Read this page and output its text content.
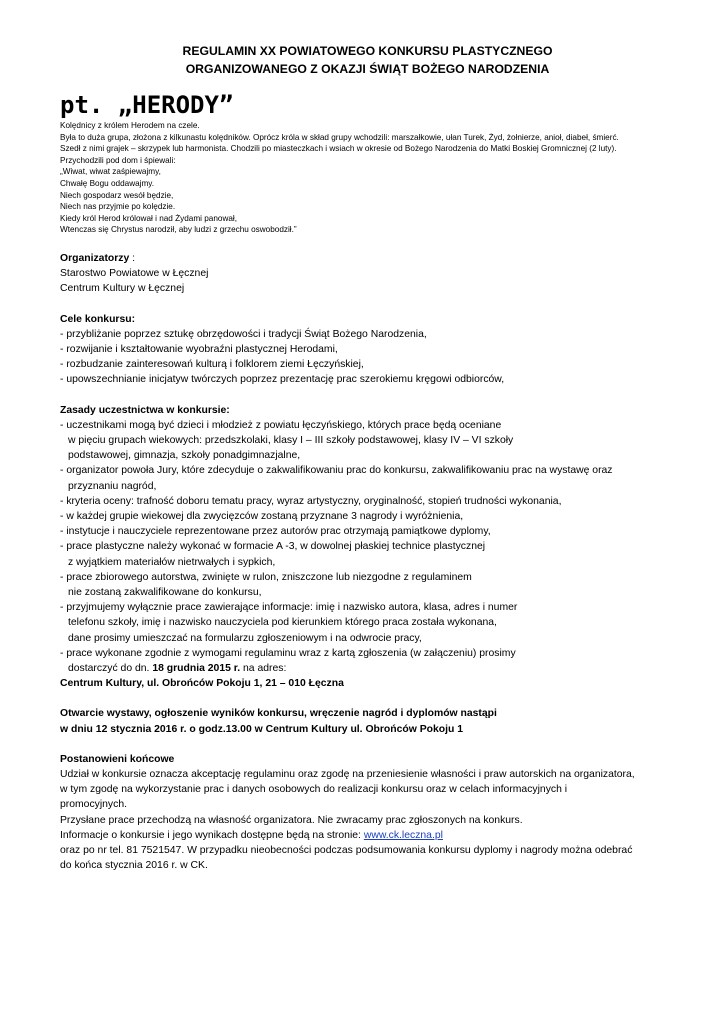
REGULAMIN XX POWIATOWEGO KONKURSU PLASTYCZNEGO
ORGANIZOWANEGO Z OKAZJI ŚWIĄT BOŻEGO NARODZENIA
pt. „HERODY”
Kolędnicy z królem Herodem na czele.
Była to duża grupa, złożona z kilkunastu kolędników. Oprócz króla w skład grupy wchodzili: marszałkowie, ułan Turek, Żyd, żołnierze, anioł, diabeł, śmierć.
Szedł z nimi grajek – skrzypek lub harmonista. Chodzili po miasteczkach i wsiach w okresie od Bożego Narodzenia do Matki Boskiej Gromnicznej (2 luty).
Przychodzili pod dom i śpiewali:
„Wiwat, wiwat zaśpiewajmy,
Chwałę Bogu oddawajmy.
Niech gospodarz wesół będzie,
Niech nas przyjmie po kolędzie.
Kiedy król Herod królował i nad Żydami panował,
Wtenczas się Chrystus narodził, aby ludzi z grzechu oswobodził.”
Organizatorzy :
Starostwo Powiatowe w Łęcznej
Centrum Kultury w Łęcznej
Cele konkursu:
- przybliżanie poprzez sztukę obrzędowości i tradycji Świąt Bożego Narodzenia,
- rozwijanie i kształtowanie wyobraźni plastycznej Herodami,
- rozbudzanie zainteresowań kulturą i folklorem ziemi Łęczyńskiej,
- upowszechnianie inicjatyw twórczych poprzez prezentację prac szerokiemu kręgowi odbiorców,
Zasady uczestnictwa w konkursie:
- uczestnikami mogą być dzieci i młodzież z powiatu łęczyńskiego, których prace będą oceniane
w pięciu grupach wiekowych: przedszkolaki, klasy I – III szkoły podstawowej, klasy IV – VI szkoły
podstawowej, gimnazja, szkoły ponadgimnazjalne,
- organizator powoła Jury, które zdecyduje o zakwalifikowaniu prac do konkursu, zakwalifikowaniu prac na wystawę oraz
przyznaniu nagród,
- kryteria oceny: trafność doboru tematu pracy, wyraz artystyczny, oryginalność, stopień trudności wykonania,
- w każdej grupie wiekowej dla zwycięzców zostaną przyznane 3 nagrody i wyróżnienia,
- instytucje i nauczyciele reprezentowane przez autorów prac otrzymają pamiątkowe dyplomy,
- prace plastyczne należy wykonać w formacie A -3, w dowolnej płaskiej technice plastycznej
z wyjątkiem materiałów nietrwałych i sypkich,
- prace zbiorowego autorstwa, zwinięte w rulon, zniszczone lub niezgodne z regulaminem
nie zostaną zakwalifikowane do konkursu,
- przyjmujemy wyłącznie prace zawierające informacje: imię i nazwisko autora, klasa, adres i numer
telefonu szkoły, imię i nazwisko nauczyciela pod kierunkiem którego praca została wykonana,
dane prosimy umieszczać na formularzu zgłoszeniowym i na odwrocie pracy,
- prace wykonane zgodnie z wymogami regulaminu wraz z kartą zgłoszenia (w załączeniu) prosimy
dostarczyć do dn. 18 grudnia 2015 r. na adres:
Centrum Kultury, ul. Obrońców Pokoju 1, 21 – 010 Łęczna
Otwarcie wystawy, ogłoszenie wyników konkursu, wręczenie nagród i dyplomów nastąpi
w dniu 12 stycznia 2016 r. o godz.13.00 w Centrum Kultury ul. Obrońców Pokoju 1
Postanowieni końcowe
Udział w konkursie oznacza akceptację regulaminu oraz zgodę na przeniesienie własności i praw autorskich na organizatora,
w tym zgodę na wykorzystanie prac i danych osobowych do realizacji konkursu oraz w celach informacyjnych i
promocyjnych.
Przysłane prace przechodzą na własność organizatora. Nie zwracamy prac zgłoszonych na konkurs.
Informacje o konkursie i jego wynikach dostępne będą na stronie: www.ck.leczna.pl
oraz po nr tel. 81 7521547. W przypadku nieobecności podczas podsumowania konkursu dyplomy i nagrody można odebrać
do końca stycznia 2016 r. w CK.
